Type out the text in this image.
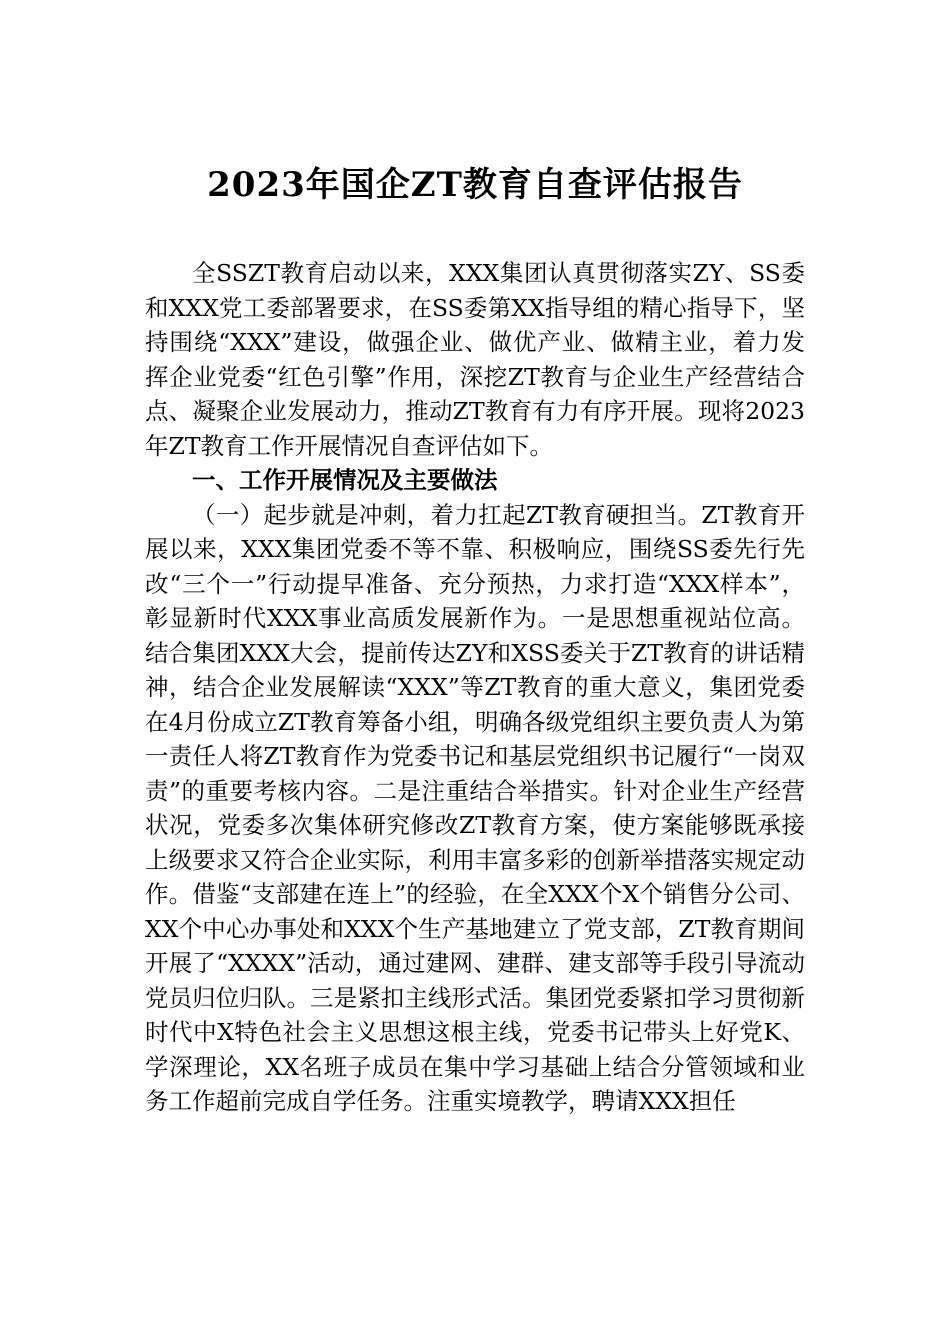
2023年国企ZT教育自查评估报告

全SSZT教育启动以来，XXX集团认真贯彻落实ZY、SS委和XXX党工委部署要求，在SS委第XX指导组的精心指导下，坚持围绕“XXX”建设，做强企业、做优产业、做精主业，着力发挥企业党委“红色引擎”作用，深挖ZT教育与企业生产经营结合点、凝聚企业发展动力，推动ZT教育有力有序开展。现将2023年ZT教育工作开展情况自查评估如下。

一、工作开展情况及主要做法

（一）起步就是冲刺，着力扛起ZT教育硬担当。ZT教育开展以来，XXX集团党委不等不靠、积极响应，围绕SS委先行先改“三个一”行动提早准备、充分预热，力求打造“XXX样本”，彰显新时代XXX事业高质发展新作为。一是思想重视站位高。结合集团XXX大会，提前传达ZY和XSS委关于ZT教育的讲话精神，结合企业发展解读“XXX”等ZT教育的重大意义，集团党委在4月份成立ZT教育筹备小组，明确各级党组织主要负责人为第一责任人将ZT教育作为党委书记和基层党组织书记履行“一岗双责”的重要考核内容。二是注重结合举措实。针对企业生产经营状况，党委多次集体研究修改ZT教育方案，使方案能够既承接上级要求又符合企业实际，利用丰富多彩的创新举措落实规定动作。借鉴“支部建在连上”的经验，在全XXX个X个销售分公司、XX个中心办事处和XXX个生产基地建立了党支部，ZT教育期间开展了“XXXX”活动，通过建网、建群、建支部等手段引导流动党员归位归队。三是紧扣主线形式活。集团党委紧扣学习贯彻新时代中X特色社会主义思想这根主线，党委书记带头上好党K、学深理论，XX名班子成员在集中学习基础上结合分管领域和业务工作超前完成自学任务。注重实境教学，聘请XXX担任
